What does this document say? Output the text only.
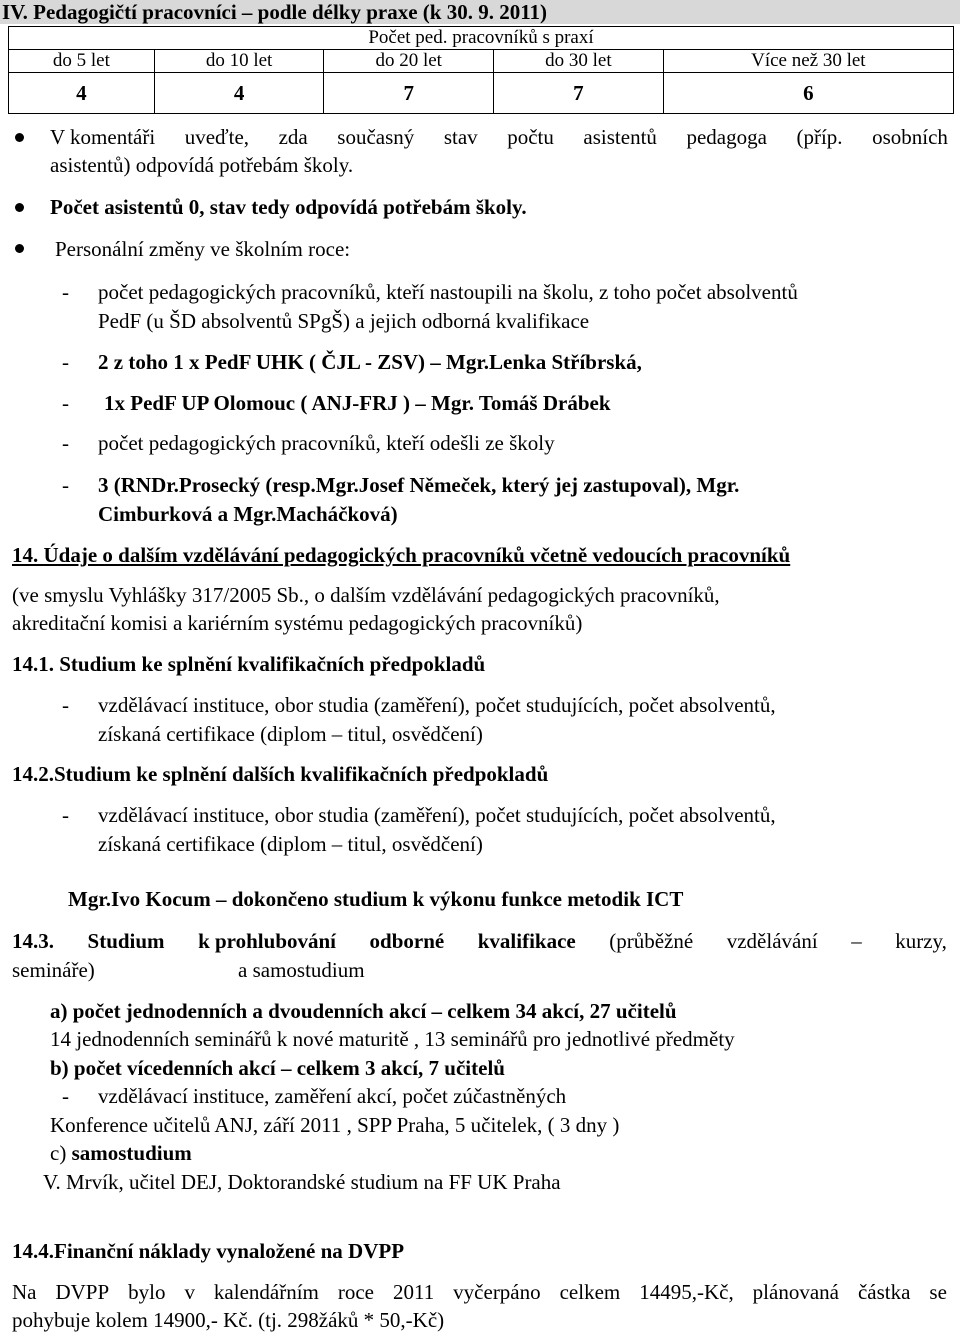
IV. Pedagogičtí pracovníci – podle délky praxe (k 30. 9. 2011)
Počet ped. pracovníků s praxí				
do 5 let	do 10 let	do 20 let	do 30 let	Více než 30 let
4	4	7	7	6
V komentáři uveďte, zda současný stav počtu asistentů pedagoga (příp. osobních
asistentů) odpovídá potřebám školy.
Počet asistentů 0, stav tedy odpovídá potřebám školy.
Personální změny ve školním roce:
- počet pedagogických pracovníků, kteří nastoupili na školu, z toho počet absolventů
PedF (u ŠD absolventů SPgŠ) a jejich odborná kvalifikace
- 2 z toho 1 x PedF UHK ( ČJL - ZSV) – Mgr.Lenka Stříbrská,
- 1x PedF UP Olomouc ( ANJ-FRJ ) – Mgr. Tomáš Drábek
- počet pedagogických pracovníků, kteří odešli ze školy
- 3 (RNDr.Prosecký (resp.Mgr.Josef Němeček, který jej zastupoval), Mgr.
Cimburková a Mgr.Macháčková)
14. Údaje o dalším vzdělávání pedagogických pracovníků včetně vedoucích pracovníků
(ve smyslu Vyhlášky 317/2005 Sb., o dalším vzdělávání pedagogických pracovníků,
akreditační komisi a kariérním systému pedagogických pracovníků)
14.1. Studium ke splnění kvalifikačních předpokladů
- vzdělávací instituce, obor studia (zaměření), počet studujících, počet absolventů,
získaná certifikace (diplom – titul, osvědčení)
14.2.Studium ke splnění dalších kvalifikačních předpokladů
- vzdělávací instituce, obor studia (zaměření), počet studujících, počet absolventů,
získaná certifikace (diplom – titul, osvědčení)
Mgr.Ivo Kocum – dokončeno studium k výkonu funkce metodik ICT
14.3. Studium k prohlubování odborné kvalifikace (průběžné vzdělávání – kurzy,
semináře)	a samostudium
a) počet jednodenních a dvoudenních akcí – celkem 34 akcí, 27 učitelů
14 jednodenních seminářů k nové maturitě , 13 seminářů pro jednotlivé předměty
b) počet vícedenních akcí – celkem 3 akcí, 7 učitelů
- vzdělávací instituce, zaměření akcí, počet zúčastněných
Konference učitelů ANJ, září 2011 , SPP Praha, 5 učitelek, ( 3 dny )
c) samostudium
V. Mrvík, učitel DEJ, Doktorandské studium na FF UK Praha
14.4.Finanční náklady vynaložené na DVPP
Na DVPP bylo v kalendářním roce 2011 vyčerpáno celkem 14495,-Kč, plánovaná částka se
pohybuje kolem 14900,- Kč. (tj. 298žáků * 50,-Kč)
